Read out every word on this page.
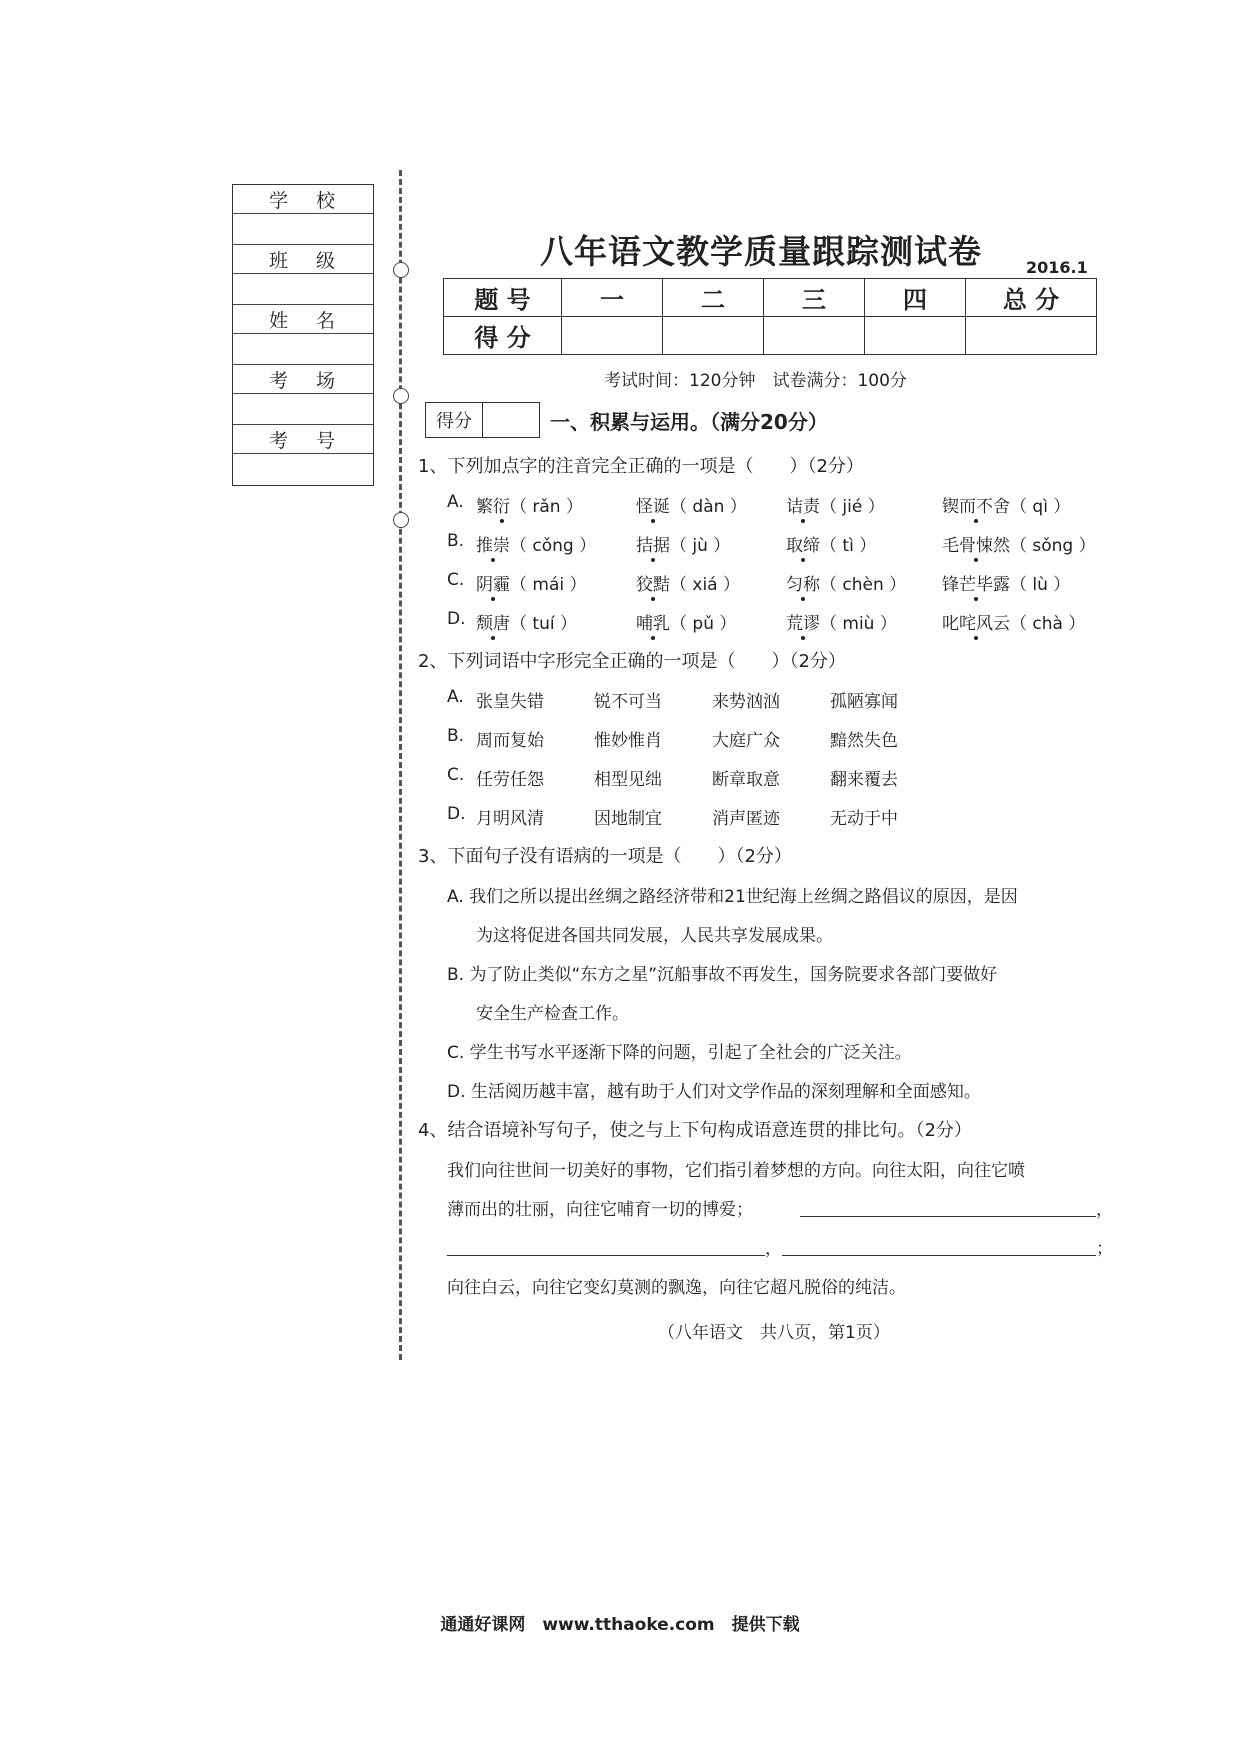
学校
班级
姓名
考场
考号
八年语文教学质量跟踪测试卷	2016.1
题 号	一	二	三	四	总 分
得 分					
考试时间：120分钟　试卷满分：100分
得分	一、积累与运用。（满分20分）
1、下列加点字的注音完全正确的一项是（　　）（2分）
A. 繁衍（ rǎn ）	怪诞（ dàn ） 诘责（ jié ）	锲而不舍（ qì ）
B. 推崇（ cǒng ） 拮据（ jù ）	取缔（ tì ）	毛骨悚然（ sǒng ）
C. 阴霾（ mái ）	狡黠（ xiá ）	匀称（ chèn ） 锋芒毕露（ lù ）
D. 颓唐（ tuí ）	哺乳（ pǔ ）	荒谬（ miù ）	叱咤风云（ chà ）
2、下列词语中字形完全正确的一项是（　　）（2分）
A. 张皇失错	锐不可当	来势汹汹	孤陋寡闻
B. 周而复始	惟妙惟肖	大庭广众	黯然失色
C. 任劳任怨	相型见绌	断章取意	翻来覆去
D. 月明风清	因地制宜	消声匿迹	无动于中
3、下面句子没有语病的一项是（　　）（2分）
A. 我们之所以提出丝绸之路经济带和21世纪海上丝绸之路倡议的原因，是因
为这将促进各国共同发展，人民共享发展成果。
B. 为了防止类似“东方之星”沉船事故不再发生，国务院要求各部门要做好
安全生产检查工作。
C. 学生书写水平逐渐下降的问题，引起了全社会的广泛关注。
D. 生活阅历越丰富，越有助于人们对文学作品的深刻理解和全面感知。
4、结合语境补写句子，使之与上下句构成语意连贯的排比句。（2分）
我们向往世间一切美好的事物，它们指引着梦想的方向。向往太阳，向往它喷
薄而出的壮丽，向往它哺育一切的博爱；	，
，	；
向往白云，向往它变幻莫测的飘逸，向往它超凡脱俗的纯洁。
（八年语文　共八页，第1页）
通通好课网　www.tthaoke.com　提供下载
